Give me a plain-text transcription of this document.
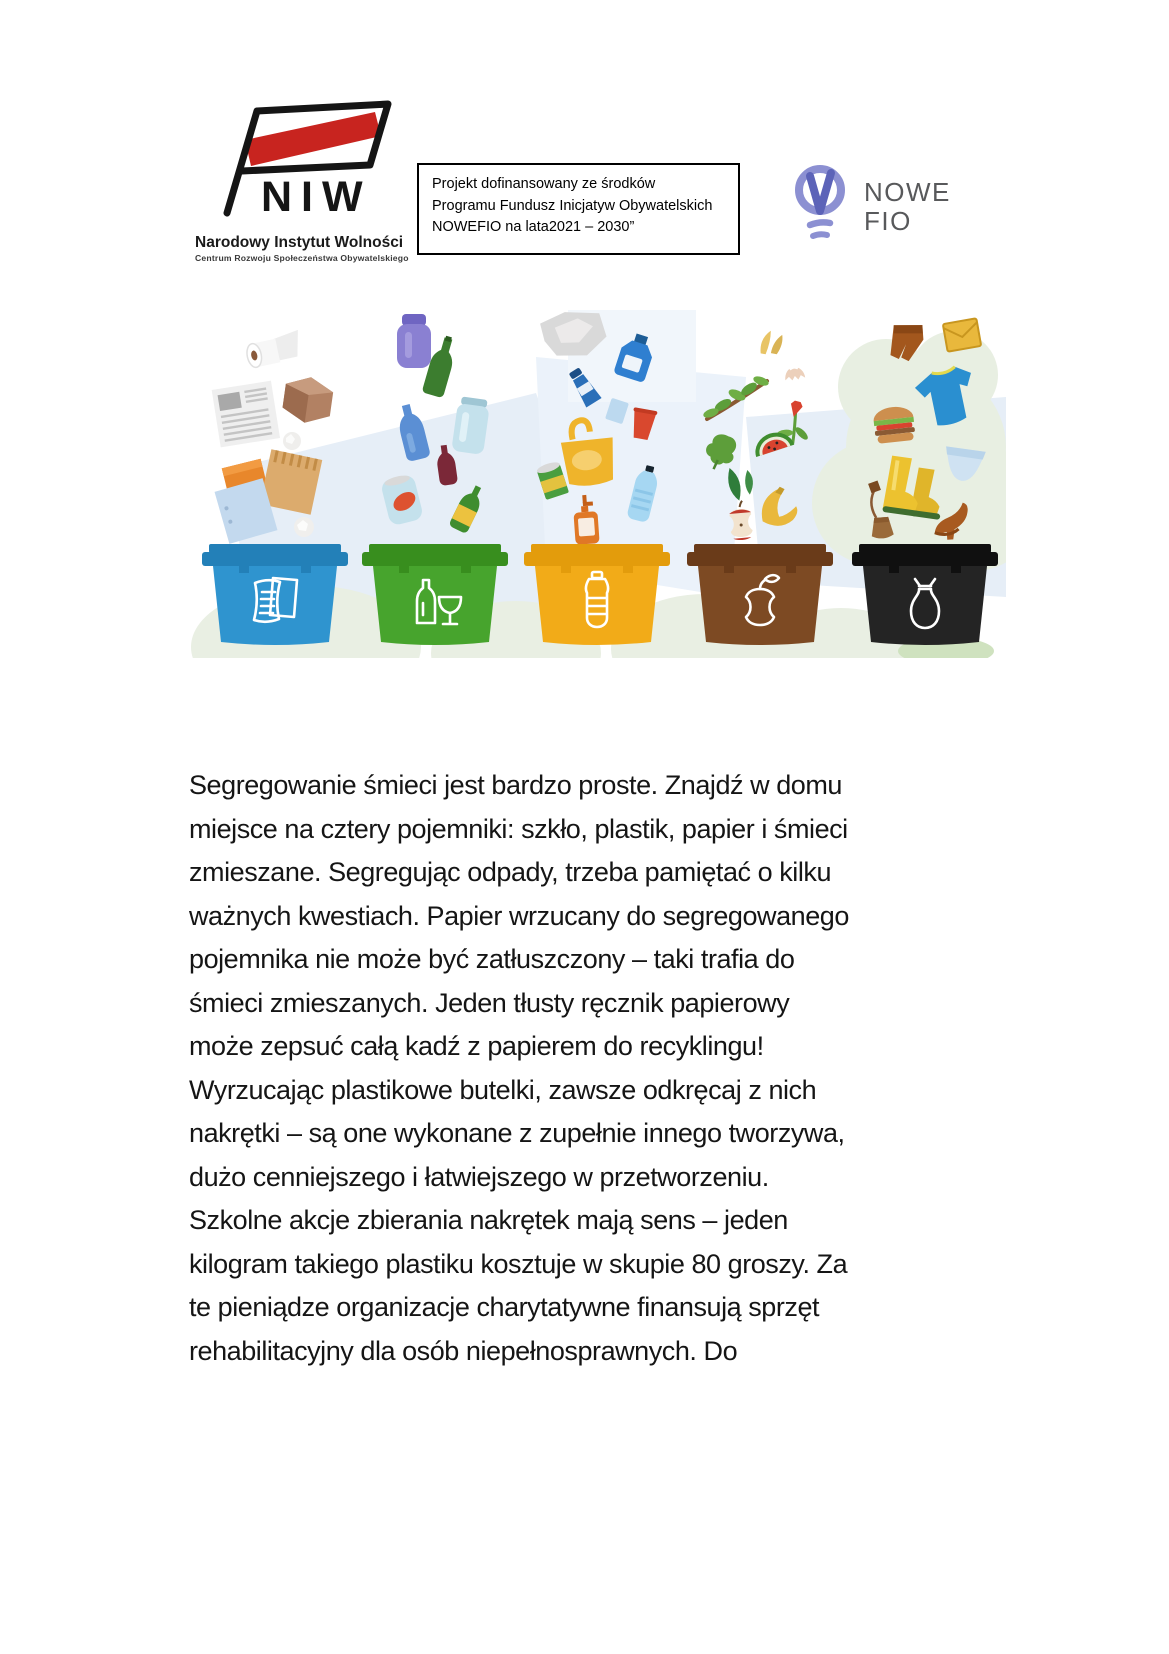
NIW
Narodowy Instytut Wolności
Centrum Rozwoju Społeczeństwa Obywatelskiego
Projekt dofinansowany ze środków
Programu Fundusz Inicjatyw Obywatelskich
NOWEFIO na lata2021 – 2030”
NOWE
FIO
Segregowanie śmieci jest bardzo proste. Znajdź w domu
miejsce na cztery pojemniki: szkło, plastik, papier i śmieci
zmieszane. Segregując odpady, trzeba pamiętać o kilku
ważnych kwestiach. Papier wrzucany do segregowanego
pojemnika nie może być zatłuszczony – taki trafia do
śmieci zmieszanych. Jeden tłusty ręcznik papierowy
może zepsuć całą kadź z papierem do recyklingu!
Wyrzucając plastikowe butelki, zawsze odkręcaj z nich
nakrętki – są one wykonane z zupełnie innego tworzywa,
dużo cenniejszego i łatwiejszego w przetworzeniu.
Szkolne akcje zbierania nakrętek mają sens – jeden
kilogram takiego plastiku kosztuje w skupie 80 groszy. Za
te pieniądze organizacje charytatywne finansują sprzęt
rehabilitacyjny dla osób niepełnosprawnych. Do
